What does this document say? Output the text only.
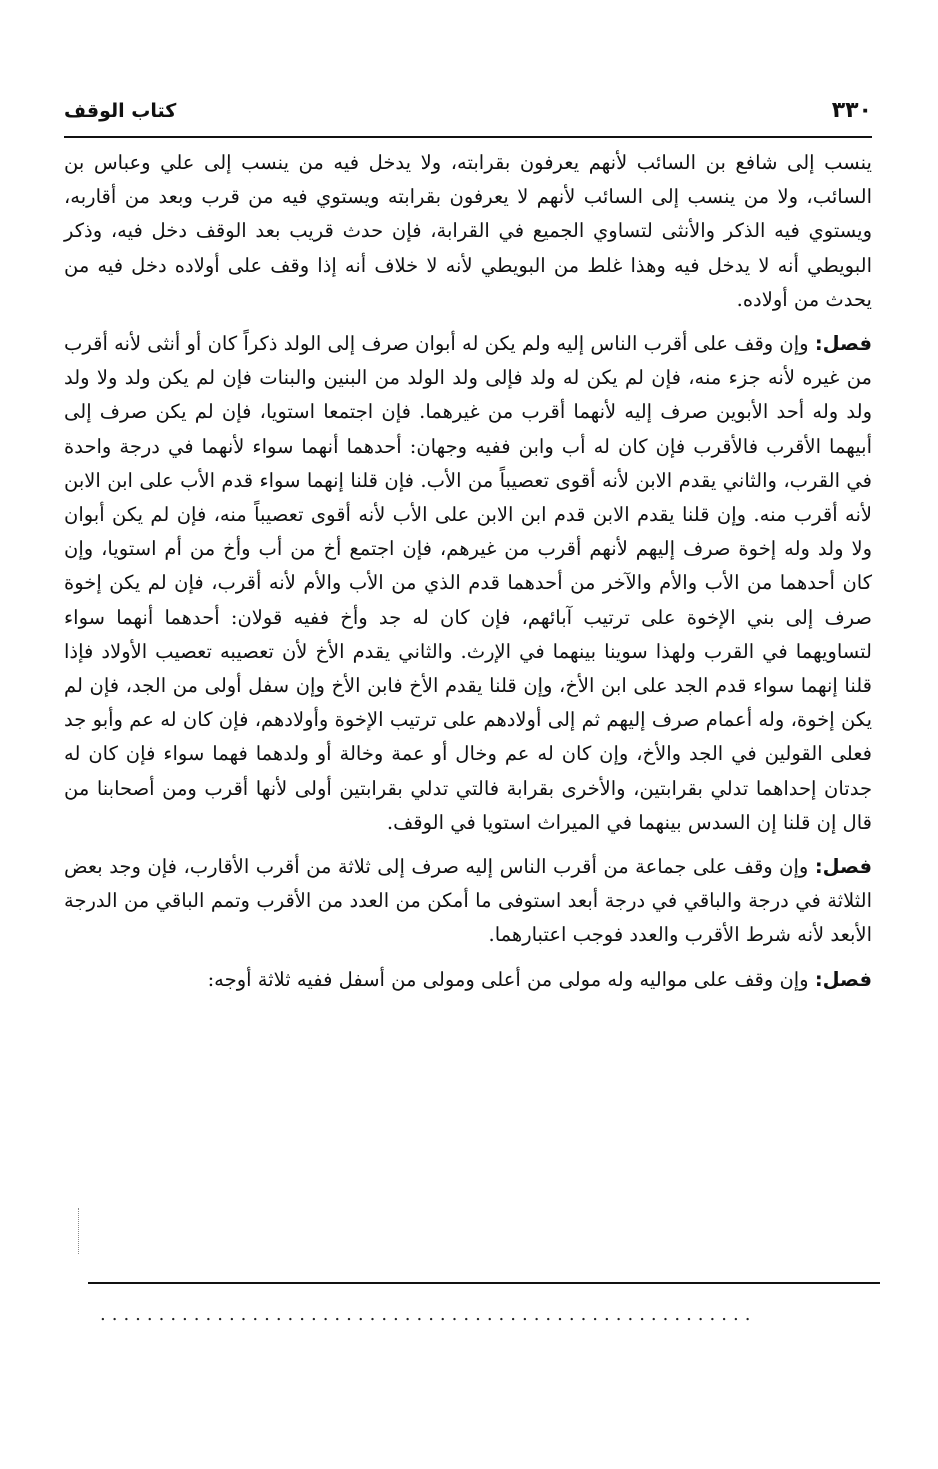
٣٣٠
كتاب الوقف

ينسب إلى شافع بن السائب لأنهم يعرفون بقرابته، ولا يدخل فيه من ينسب إلى علي وعباس بن السائب، ولا من ينسب إلى السائب لأنهم لا يعرفون بقرابته ويستوي فيه من قرب وبعد من أقاربه، ويستوي فيه الذكر والأنثى لتساوي الجميع في القرابة، فإن حدث قريب بعد الوقف دخل فيه، وذكر البويطي أنه لا يدخل فيه وهذا غلط من البويطي لأنه لا خلاف أنه إذا وقف على أولاده دخل فيه من يحدث من أولاده.

فصل: وإن وقف على أقرب الناس إليه ولم يكن له أبوان صرف إلى الولد ذكراً كان أو أنثى لأنه أقرب من غيره لأنه جزء منه، فإن لم يكن له ولد فإلى ولد الولد من البنين والبنات فإن لم يكن ولد ولا ولد ولد وله أحد الأبوين صرف إليه لأنهما أقرب من غيرهما. فإن اجتمعا استويا، فإن لم يكن صرف إلى أبيهما الأقرب فالأقرب فإن كان له أب وابن ففيه وجهان: أحدهما أنهما سواء لأنهما في درجة واحدة في القرب، والثاني يقدم الابن لأنه أقوى تعصيباً من الأب. فإن قلنا إنهما سواء قدم الأب على ابن الابن لأنه أقرب منه. وإن قلنا يقدم الابن قدم ابن الابن على الأب لأنه أقوى تعصيباً منه، فإن لم يكن أبوان ولا ولد وله إخوة صرف إليهم لأنهم أقرب من غيرهم، فإن اجتمع أخ من أب وأخ من أم استويا، وإن كان أحدهما من الأب والأم والآخر من أحدهما قدم الذي من الأب والأم لأنه أقرب، فإن لم يكن إخوة صرف إلى بني الإخوة على ترتيب آبائهم، فإن كان له جد وأخ ففيه قولان: أحدهما أنهما سواء لتساويهما في القرب ولهذا سوينا بينهما في الإرث. والثاني يقدم الأخ لأن تعصيبه تعصيب الأولاد فإذا قلنا إنهما سواء قدم الجد على ابن الأخ، وإن قلنا يقدم الأخ فابن الأخ وإن سفل أولى من الجد، فإن لم يكن إخوة، وله أعمام صرف إليهم ثم إلى أولادهم على ترتيب الإخوة وأولادهم، فإن كان له عم وأبو جد فعلى القولين في الجد والأخ، وإن كان له عم وخال أو عمة وخالة أو ولدهما فهما سواء فإن كان له جدتان إحداهما تدلي بقرابتين، والأخرى بقرابة فالتي تدلي بقرابتين أولى لأنها أقرب ومن أصحابنا من قال إن قلنا إن السدس بينهما في الميراث استويا في الوقف.

فصل: وإن وقف على جماعة من أقرب الناس إليه صرف إلى ثلاثة من أقرب الأقارب، فإن وجد بعض الثلاثة في درجة والباقي في درجة أبعد استوفى ما أمكن من العدد من الأقرب وتمم الباقي من الدرجة الأبعد لأنه شرط الأقرب والعدد فوجب اعتبارهما.

فصل: وإن وقف على مواليه وله مولى من أعلى ومولى من أسفل ففيه ثلاثة أوجه:

........................................................
